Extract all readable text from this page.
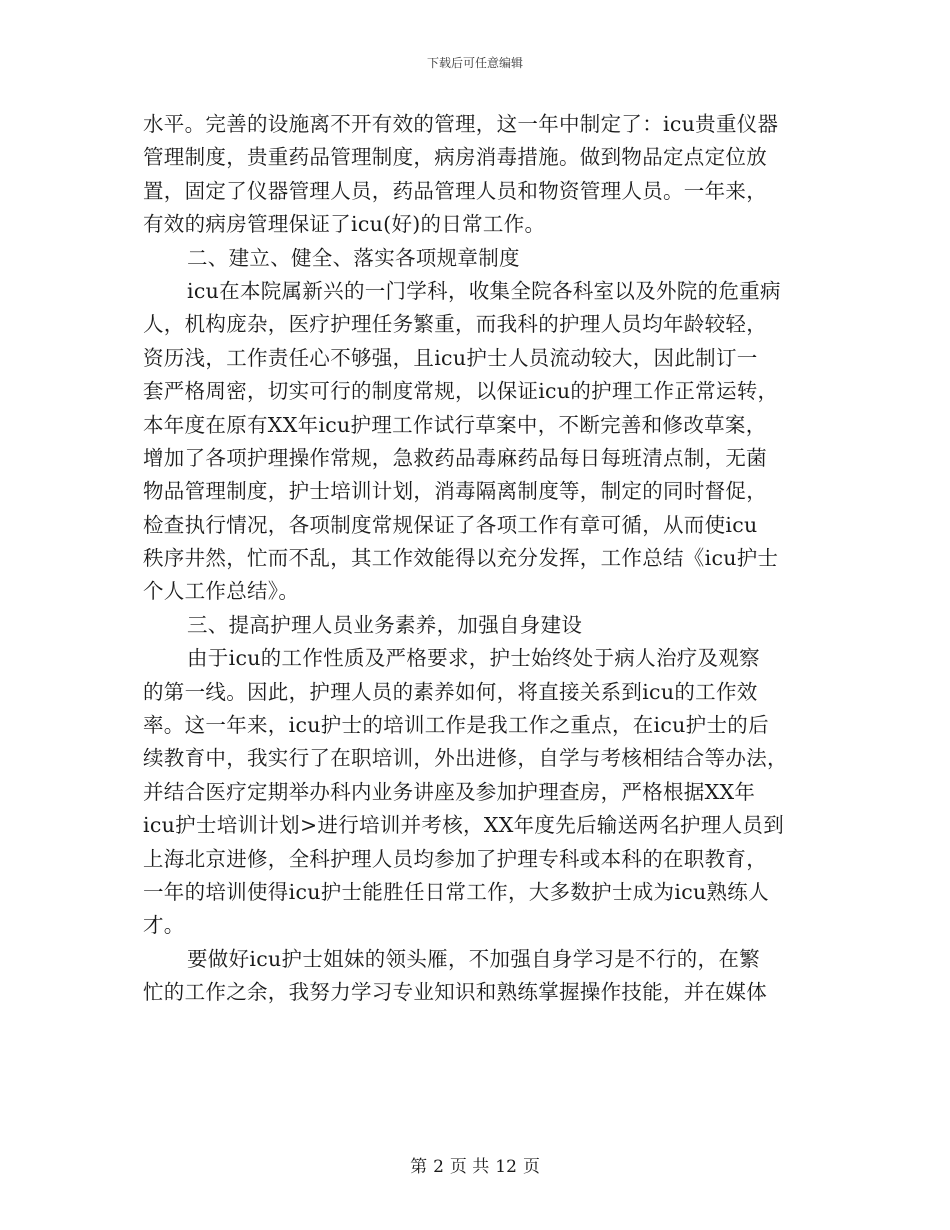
下载后可任意编辑
水平。完善的设施离不开有效的管理，这一年中制定了：icu贵重仪器
管理制度，贵重药品管理制度，病房消毒措施。做到物品定点定位放
置，固定了仪器管理人员，药品管理人员和物资管理人员。一年来，
有效的病房管理保证了icu(好)的日常工作。
二、建立、健全、落实各项规章制度
icu在本院属新兴的一门学科，收集全院各科室以及外院的危重病
人，机构庞杂，医疗护理任务繁重，而我科的护理人员均年龄较轻，
资历浅，工作责任心不够强，且icu护士人员流动较大，因此制订一
套严格周密，切实可行的制度常规，以保证icu的护理工作正常运转，
本年度在原有XX年icu护理工作试行草案中，不断完善和修改草案，
增加了各项护理操作常规，急救药品毒麻药品每日每班清点制，无菌
物品管理制度，护士培训计划，消毒隔离制度等，制定的同时督促，
检查执行情况，各项制度常规保证了各项工作有章可循，从而使icu
秩序井然，忙而不乱，其工作效能得以充分发挥，工作总结《icu护士
个人工作总结》。
三、提高护理人员业务素养，加强自身建设
由于icu的工作性质及严格要求，护士始终处于病人治疗及观察
的第一线。因此，护理人员的素养如何，将直接关系到icu的工作效
率。这一年来，icu护士的培训工作是我工作之重点，在icu护士的后
续教育中，我实行了在职培训，外出进修，自学与考核相结合等办法，
并结合医疗定期举办科内业务讲座及参加护理查房，严格根据XX年
icu护士培训计划>进行培训并考核，XX年度先后输送两名护理人员到
上海北京进修，全科护理人员均参加了护理专科或本科的在职教育，
一年的培训使得icu护士能胜任日常工作，大多数护士成为icu熟练人
才。
要做好icu护士姐妹的领头雁，不加强自身学习是不行的，在繁
忙的工作之余，我努力学习专业知识和熟练掌握操作技能，并在媒体
第 2 页 共 12 页
